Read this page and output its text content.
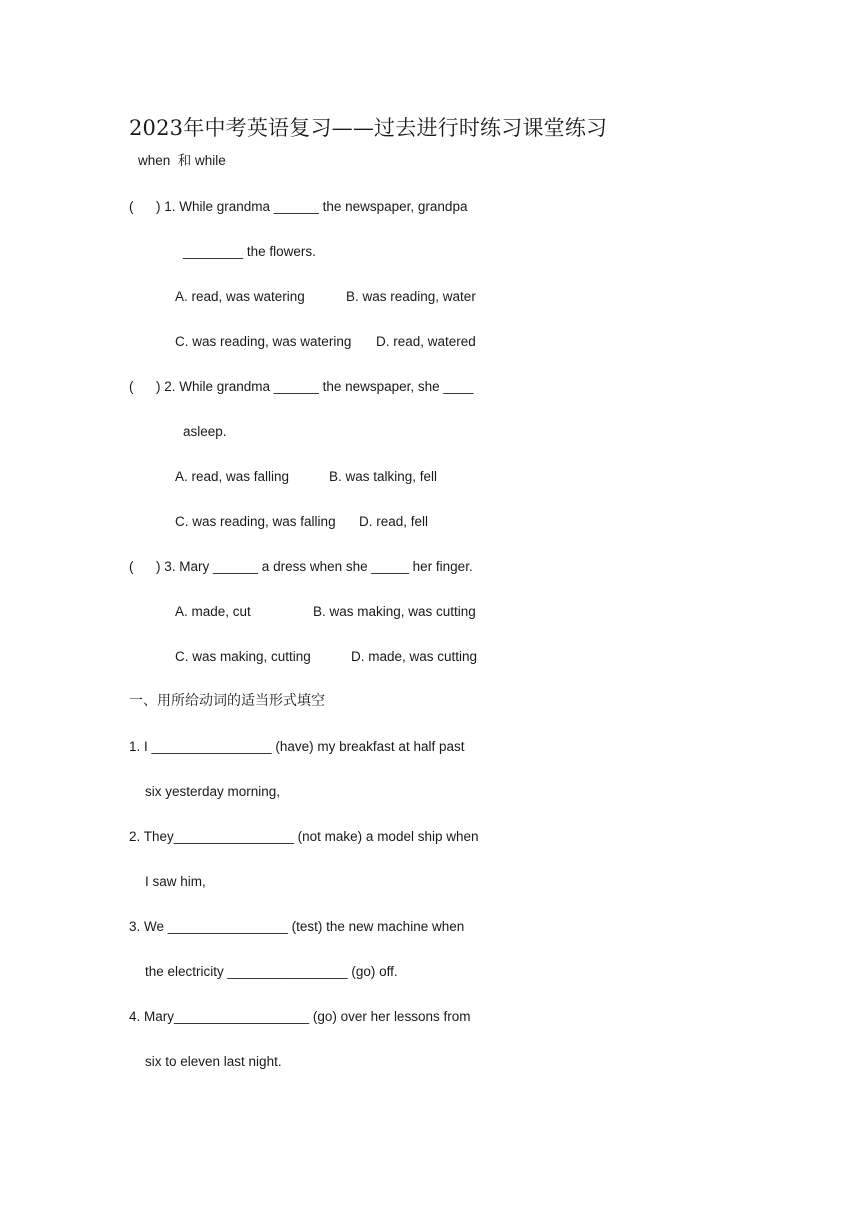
2023年中考英语复习——过去进行时练习课堂练习
when  和 while
(      ) 1. While grandma ______ the newspaper, grandpa
________ the flowers.
A. read, was watering	B. was reading, water
C. was reading, was watering D. read, watered
(      ) 2. While grandma ______ the newspaper, she ____
asleep.
A. read, was falling	B. was talking, fell
C. was reading, was falling D. read, fell
(      ) 3. Mary ______ a dress when she _____ her finger.
A. made, cut	B. was making, was cutting
C. was making, cutting	D. made, was cutting
一、用所给动词的适当形式填空
1. I ________________ (have) my breakfast at half past
six yesterday morning,
2. They________________ (not make) a model ship when
I saw him,
3. We ________________ (test) the new machine when
the electricity ________________ (go) off.
4. Mary__________________ (go) over her lessons from
six to eleven last night.
